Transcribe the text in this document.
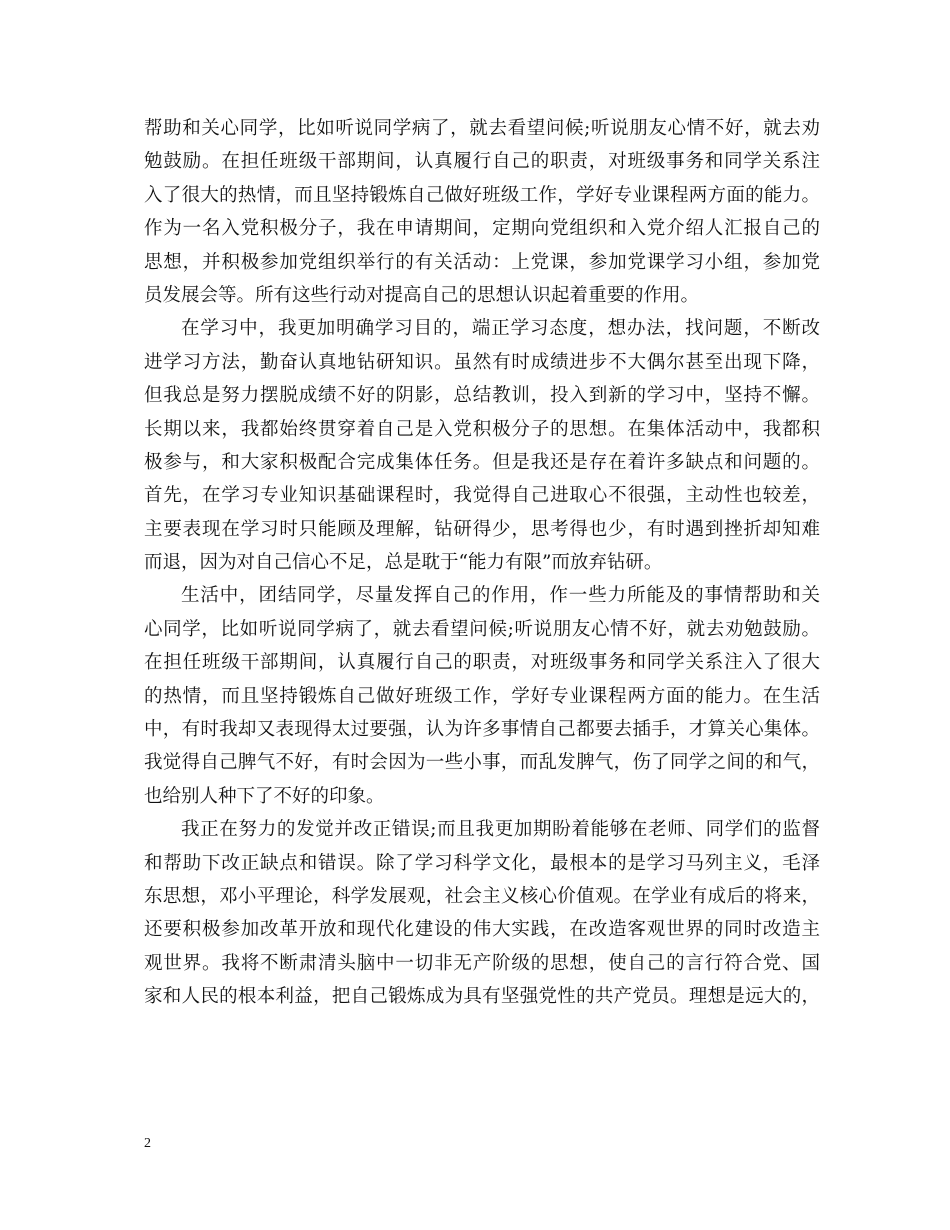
帮助和关心同学，比如听说同学病了，就去看望问候;听说朋友心情不好，就去劝
勉鼓励。在担任班级干部期间，认真履行自己的职责，对班级事务和同学关系注
入了很大的热情，而且坚持锻炼自己做好班级工作，学好专业课程两方面的能力。
作为一名入党积极分子，我在申请期间，定期向党组织和入党介绍人汇报自己的
思想，并积极参加党组织举行的有关活动：上党课，参加党课学习小组，参加党
员发展会等。所有这些行动对提高自己的思想认识起着重要的作用。
在学习中，我更加明确学习目的，端正学习态度，想办法，找问题，不断改
进学习方法，勤奋认真地钻研知识。虽然有时成绩进步不大偶尔甚至出现下降，
但我总是努力摆脱成绩不好的阴影，总结教训，投入到新的学习中，坚持不懈。
长期以来，我都始终贯穿着自己是入党积极分子的思想。在集体活动中，我都积
极参与，和大家积极配合完成集体任务。但是我还是存在着许多缺点和问题的。
首先，在学习专业知识基础课程时，我觉得自己进取心不很强，主动性也较差，
主要表现在学习时只能顾及理解，钻研得少，思考得也少，有时遇到挫折却知难
而退，因为对自己信心不足，总是耽于“能力有限”而放弃钻研。
生活中，团结同学，尽量发挥自己的作用，作一些力所能及的事情帮助和关
心同学，比如听说同学病了，就去看望问候;听说朋友心情不好，就去劝勉鼓励。
在担任班级干部期间，认真履行自己的职责，对班级事务和同学关系注入了很大
的热情，而且坚持锻炼自己做好班级工作，学好专业课程两方面的能力。在生活
中，有时我却又表现得太过要强，认为许多事情自己都要去插手，才算关心集体。
我觉得自己脾气不好，有时会因为一些小事，而乱发脾气，伤了同学之间的和气，
也给别人种下了不好的印象。
我正在努力的发觉并改正错误;而且我更加期盼着能够在老师、同学们的监督
和帮助下改正缺点和错误。除了学习科学文化，最根本的是学习马列主义，毛泽
东思想，邓小平理论，科学发展观，社会主义核心价值观。在学业有成后的将来，
还要积极参加改革开放和现代化建设的伟大实践，在改造客观世界的同时改造主
观世界。我将不断肃清头脑中一切非无产阶级的思想，使自己的言行符合党、国
家和人民的根本利益，把自己锻炼成为具有坚强党性的共产党员。理想是远大的，
2
